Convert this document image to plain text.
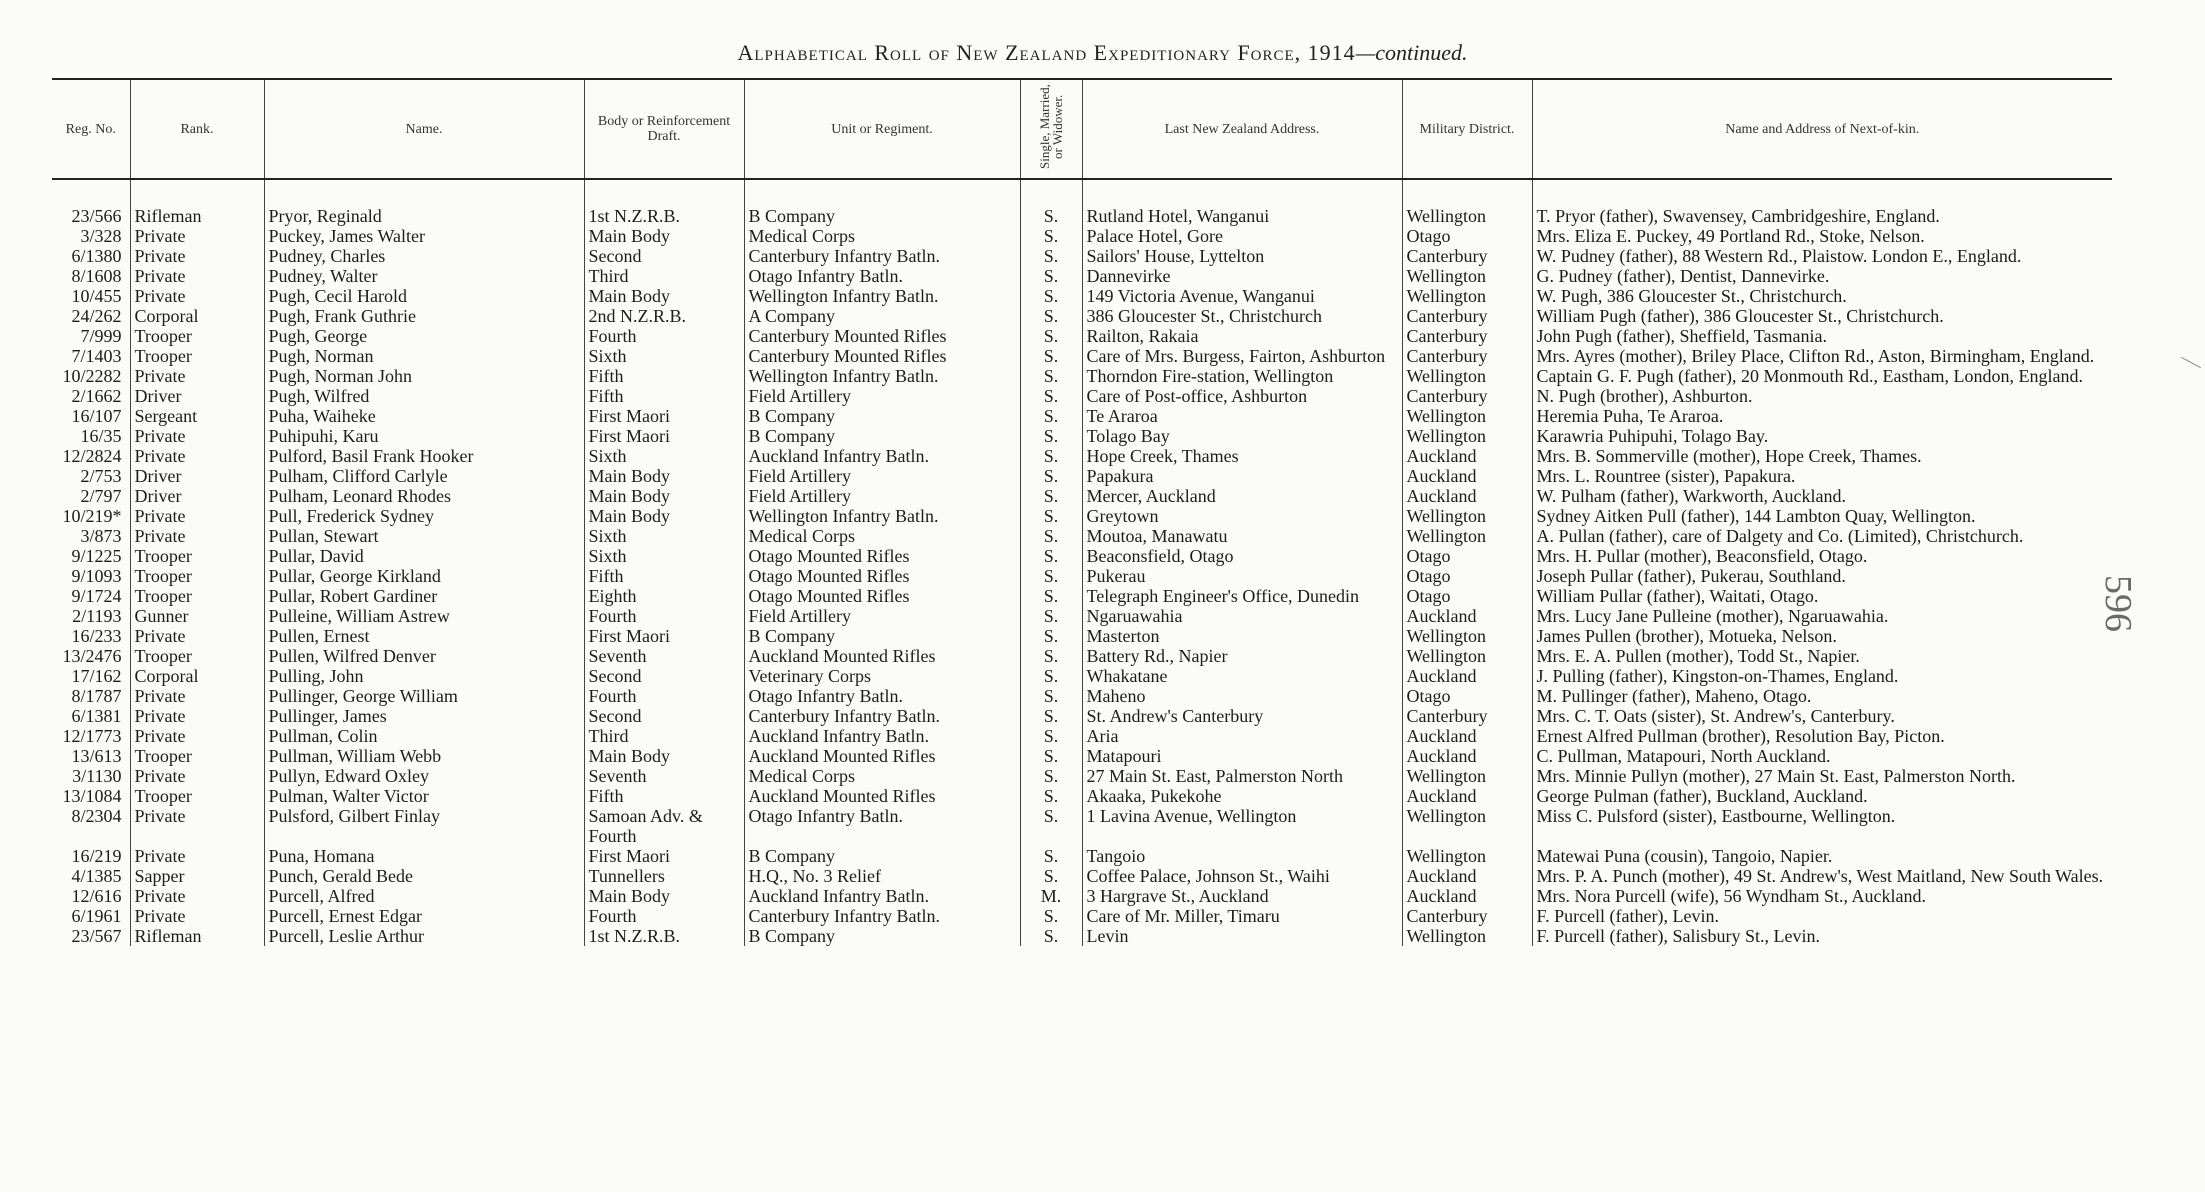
Alphabetical Roll of New Zealand Expeditionary Force, 1914—continued.
596
Reg. No.	Rank.	Name.	Body or Reinforcement Draft.	Unit or Regiment.	Single, Married, or Widower.	Last New Zealand Address.	Military District.	Name and Address of Next-of-kin.

23/566	Rifleman	Pryor, Reginald	1st N.Z.R.B.	B Company	S.	Rutland Hotel, Wanganui	Wellington	T. Pryor (father), Swavensey, Cambridgeshire, England.
3/328	Private	Puckey, James Walter	Main Body	Medical Corps	S.	Palace Hotel, Gore	Otago	Mrs. Eliza E. Puckey, 49 Portland Rd., Stoke, Nelson.
6/1380	Private	Pudney, Charles	Second	Canterbury Infantry Batln.	S.	Sailors' House, Lyttelton	Canterbury	W. Pudney (father), 88 Western Rd., Plaistow. London E., England.
8/1608	Private	Pudney, Walter	Third	Otago Infantry Batln.	S.	Dannevirke	Wellington	G. Pudney (father), Dentist, Dannevirke.
10/455	Private	Pugh, Cecil Harold	Main Body	Wellington Infantry Batln.	S.	149 Victoria Avenue, Wanganui	Wellington	W. Pugh, 386 Gloucester St., Christchurch.
24/262	Corporal	Pugh, Frank Guthrie	2nd N.Z.R.B.	A Company	S.	386 Gloucester St., Christchurch	Canterbury	William Pugh (father), 386 Gloucester St., Christchurch.
7/999	Trooper	Pugh, George	Fourth	Canterbury Mounted Rifles	S.	Railton, Rakaia	Canterbury	John Pugh (father), Sheffield, Tasmania.
7/1403	Trooper	Pugh, Norman	Sixth	Canterbury Mounted Rifles	S.	Care of Mrs. Burgess, Fairton, Ashburton	Canterbury	Mrs. Ayres (mother), Briley Place, Clifton Rd., Aston, Birmingham, England.
10/2282	Private	Pugh, Norman John	Fifth	Wellington Infantry Batln.	S.	Thorndon Fire-station, Wellington	Wellington	Captain G. F. Pugh (father), 20 Monmouth Rd., Eastham, London, England.
2/1662	Driver	Pugh, Wilfred	Fifth	Field Artillery	S.	Care of Post-office, Ashburton	Canterbury	N. Pugh (brother), Ashburton.
16/107	Sergeant	Puha, Waiheke	First Maori	B Company	S.	Te Araroa	Wellington	Heremia Puha, Te Araroa.
16/35	Private	Puhipuhi, Karu	First Maori	B Company	S.	Tolago Bay	Wellington	Karawria Puhipuhi, Tolago Bay.
12/2824	Private	Pulford, Basil Frank Hooker	Sixth	Auckland Infantry Batln.	S.	Hope Creek, Thames	Auckland	Mrs. B. Sommerville (mother), Hope Creek, Thames.
2/753	Driver	Pulham, Clifford Carlyle	Main Body	Field Artillery	S.	Papakura	Auckland	Mrs. L. Rountree (sister), Papakura.
2/797	Driver	Pulham, Leonard Rhodes	Main Body	Field Artillery	S.	Mercer, Auckland	Auckland	W. Pulham (father), Warkworth, Auckland.
10/219*	Private	Pull, Frederick Sydney	Main Body	Wellington Infantry Batln.	S.	Greytown	Wellington	Sydney Aitken Pull (father), 144 Lambton Quay, Wellington.
3/873	Private	Pullan, Stewart	Sixth	Medical Corps	S.	Moutoa, Manawatu	Wellington	A. Pullan (father), care of Dalgety and Co. (Limited), Christchurch.
9/1225	Trooper	Pullar, David	Sixth	Otago Mounted Rifles	S.	Beaconsfield, Otago	Otago	Mrs. H. Pullar (mother), Beaconsfield, Otago.
9/1093	Trooper	Pullar, George Kirkland	Fifth	Otago Mounted Rifles	S.	Pukerau	Otago	Joseph Pullar (father), Pukerau, Southland.
9/1724	Trooper	Pullar, Robert Gardiner	Eighth	Otago Mounted Rifles	S.	Telegraph Engineer's Office, Dunedin	Otago	William Pullar (father), Waitati, Otago.
2/1193	Gunner	Pulleine, William Astrew	Fourth	Field Artillery	S.	Ngaruawahia	Auckland	Mrs. Lucy Jane Pulleine (mother), Ngaruawahia.
16/233	Private	Pullen, Ernest	First Maori	B Company	S.	Masterton	Wellington	James Pullen (brother), Motueka, Nelson.
13/2476	Trooper	Pullen, Wilfred Denver	Seventh	Auckland Mounted Rifles	S.	Battery Rd., Napier	Wellington	Mrs. E. A. Pullen (mother), Todd St., Napier.
17/162	Corporal	Pulling, John	Second	Veterinary Corps	S.	Whakatane	Auckland	J. Pulling (father), Kingston-on-Thames, England.
8/1787	Private	Pullinger, George William	Fourth	Otago Infantry Batln.	S.	Maheno	Otago	M. Pullinger (father), Maheno, Otago.
6/1381	Private	Pullinger, James	Second	Canterbury Infantry Batln.	S.	St. Andrew's Canterbury	Canterbury	Mrs. C. T. Oats (sister), St. Andrew's, Canterbury.
12/1773	Private	Pullman, Colin	Third	Auckland Infantry Batln.	S.	Aria	Auckland	Ernest Alfred Pullman (brother), Resolution Bay, Picton.
13/613	Trooper	Pullman, William Webb	Main Body	Auckland Mounted Rifles	S.	Matapouri	Auckland	C. Pullman, Matapouri, North Auckland.
3/1130	Private	Pullyn, Edward Oxley	Seventh	Medical Corps	S.	27 Main St. East, Palmerston North	Wellington	Mrs. Minnie Pullyn (mother), 27 Main St. East, Palmerston North.
13/1084	Trooper	Pulman, Walter Victor	Fifth	Auckland Mounted Rifles	S.	Akaaka, Pukekohe	Auckland	George Pulman (father), Buckland, Auckland.
8/2304	Private	Pulsford, Gilbert Finlay	Samoan Adv. & Fourth	Otago Infantry Batln.	S.	1 Lavina Avenue, Wellington	Wellington	Miss C. Pulsford (sister), Eastbourne, Wellington.
16/219	Private	Puna, Homana	First Maori	B Company	S.	Tangoio	Wellington	Matewai Puna (cousin), Tangoio, Napier.
4/1385	Sapper	Punch, Gerald Bede	Tunnellers	H.Q., No. 3 Relief	S.	Coffee Palace, Johnson St., Waihi	Auckland	Mrs. P. A. Punch (mother), 49 St. Andrew's, West Maitland, New South Wales.
12/616	Private	Purcell, Alfred	Main Body	Auckland Infantry Batln.	M.	3 Hargrave St., Auckland	Auckland	Mrs. Nora Purcell (wife), 56 Wyndham St., Auckland.
6/1961	Private	Purcell, Ernest Edgar	Fourth	Canterbury Infantry Batln.	S.	Care of Mr. Miller, Timaru	Canterbury	F. Purcell (father), Levin.
23/567	Rifleman	Purcell, Leslie Arthur	1st N.Z.R.B.	B Company	S.	Levin	Wellington	F. Purcell (father), Salisbury St., Levin.
